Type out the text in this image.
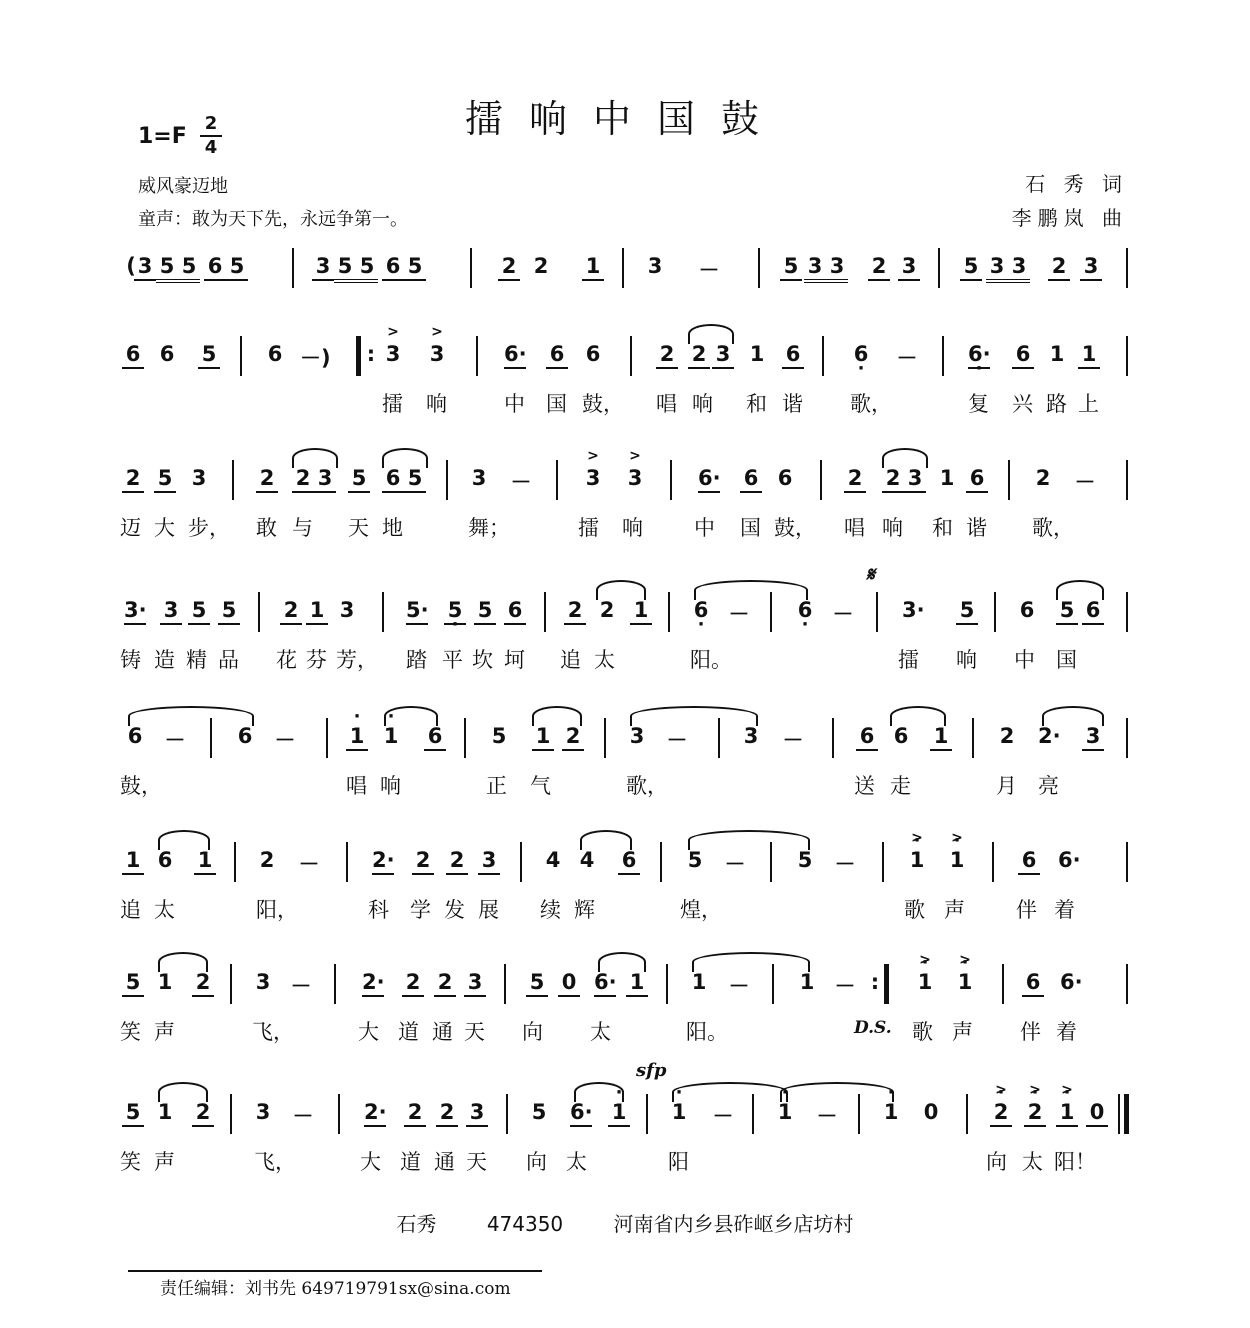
擂响中国鼓
1=F
2
4
威风豪迈地
童声：敢为天下先，永远争第一。
石 秀 词
李鹏岚 曲
( 3 5 5 6 5	3 5 5 6 5	2 2 1 3 －	5 3 3 2 3 5 3 3 2 3
6 6 5 6 －)	: 3
>
3
>
6· 6 6	2 2 3 1 6	6 · － 6· · 6 1 1
擂 响	中 国 鼓， 唱 响 和 谐 歌，	复 兴 路 上
2 5 3	2 2 3 5 6 5 3 －	3
>
3
>
6· 6 6	2 2 3 1 6 2 －
迈 大 步， 敢 与 天 地	舞；	擂 响 中 国 鼓， 唱 响 和 谐 歌，
3· 3 5 5 2 1 3 5· 5 · 5 6 2 2 1 6 · － 6 · －
𝄋
3· 5 6 5 6
铸 造 精 品 花 芬 芳， 踏 平 坎 坷 追 太	阳。	擂 响 中 国
6 － 6 －	· 1 · 1 6 5 1 2 3 －	3 －	6 6 1 2 2· 3
鼓，	唱 响	正 气	歌，	送 走	月 亮
1 6 1 2 －	2· 2 2 3 4 4 6 5 － 5 －	· 1
>
· 1
>
6 6·
追 太	阳，	科 学 发 展 续 辉	煌，	歌 声 伴 着
5 1 2 3 － 2· 2 2 3 5 0 6· 1 1 － 1 － :	· 1
>
· 1
>
6 6·
笑 声	飞，	大 道 通 天 向 太	阳。	D.S. 歌 声 伴 着
5 1 2 3 － 2· 2 2 3 5 6· · 1
sfp
· 1 － · 1 － · 1 0	· 2
>
· 2
>
· 1
>
0
笑 声	飞，	大 道 通 天 向 太	阳	向 太 阳！
石秀	474350	河南省内乡县砟岖乡店坊村
责任编辑：刘书先 649719791sx@sina.com
